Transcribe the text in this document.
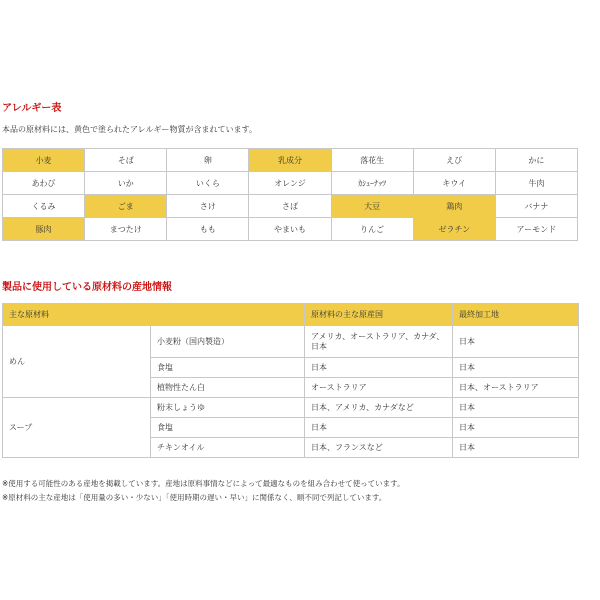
アレルギー表
本品の原材料には、黄色で塗られたアレルギー物質が含まれています。
小麦	そば	卵	乳成分	落花生	えび	かに
あわび	いか	いくら	オレンジ	ｶｼｭｰﾅｯﾂ	キウイ	牛肉
くるみ	ごま	さけ	さば	大豆	鶏肉	バナナ
豚肉	まつたけ	もも	やまいも	りんご	ゼラチン	アーモンド
製品に使用している原材料の産地情報
主な原材料		原材料の主な原産国	最終加工地
めん	小麦粉（国内製造）	アメリカ、オーストラリア、カナダ、日本	日本
	食塩	日本	日本
	植物性たん白	オーストラリア	日本、オーストラリア
スープ	粉末しょうゆ	日本、アメリカ、カナダなど	日本
	食塩	日本	日本
	チキンオイル	日本、フランスなど	日本
※使用する可能性のある産地を掲載しています。産地は原料事情などによって最適なものを組み合わせて使っています。
※原材料の主な産地は「使用量の多い・少ない」「使用時期の遅い・早い」に関係なく、順不同で列記しています。
